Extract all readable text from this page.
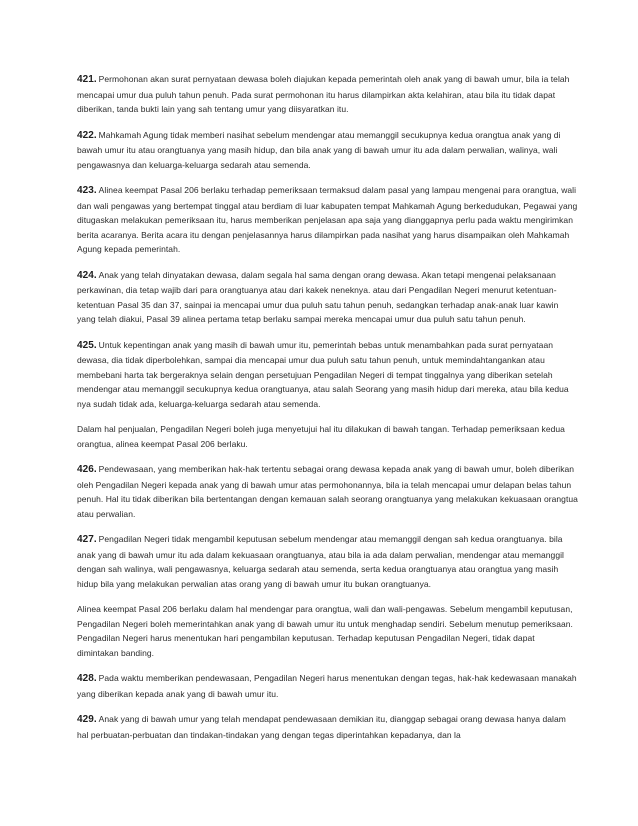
421. Permohonan akan surat pernyataan dewasa boleh diajukan kepada pemerintah oleh anak yang di bawah umur, bila ia telah mencapai umur dua puluh tahun penuh. Pada surat permohonan itu harus dilampirkan akta kelahiran, atau bila itu tidak dapat diberikan, tanda bukti lain yang sah tentang umur yang diisyaratkan itu.

422. Mahkamah Agung tidak memberi nasihat sebelum mendengar atau memanggil secukupnya kedua orangtua anak yang di bawah umur itu atau orangtuanya yang masih hidup, dan bila anak yang di bawah umur itu ada dalam perwalian, walinya, wali pengawasnya dan keluarga-keluarga sedarah atau semenda.

423. Alinea keempat Pasal 206 berlaku terhadap pemeriksaan termaksud dalam pasal yang lampau mengenai para orangtua, wali dan wali pengawas yang bertempat tinggal atau berdiam di luar kabupaten tempat Mahkamah Agung berkedudukan, Pegawai yang ditugaskan melakukan pemeriksaan itu, harus memberikan penjelasan apa saja yang dianggapnya perlu pada waktu mengirimkan berita acaranya. Berita acara itu dengan penjelasannya harus dilampirkan pada nasihat yang harus disampaikan oleh Mahkamah Agung kepada pemerintah.

424. Anak yang telah dinyatakan dewasa, dalam segala hal sama dengan orang dewasa. Akan tetapi mengenai pelaksanaan perkawinan, dia tetap wajib dari para orangtuanya atau dari kakek neneknya. atau dari Pengadilan Negeri menurut ketentuan-ketentuan Pasal 35 dan 37, sainpai ia mencapai umur dua puluh satu tahun penuh, sedangkan terhadap anak-anak luar kawin yang telah diakui, Pasal 39 alinea pertama tetap berlaku sampai mereka mencapai umur dua puluh satu tahun penuh.

425. Untuk kepentingan anak yang masih di bawah umur itu, pemerintah bebas untuk menambahkan pada surat pernyataan dewasa, dia tidak diperbolehkan, sampai dia mencapai umur dua puluh satu tahun penuh, untuk memindahtangankan atau membebani harta tak bergeraknya selain dengan persetujuan Pengadilan Negeri di tempat tinggalnya yang diberikan setelah mendengar atau memanggil secukupnya kedua orangtuanya, atau salah Seorang yang masih hidup dari mereka, atau bila kedua nya sudah tidak ada, keluarga-keluarga sedarah atau semenda.

Dalam hal penjualan, Pengadilan Negeri boleh juga menyetujui hal itu dilakukan di bawah tangan. Terhadap pemeriksaan kedua orangtua, alinea keempat Pasal 206 berlaku.

426. Pendewasaan, yang memberikan hak-hak tertentu sebagai orang dewasa kepada anak yang di bawah umur, boleh diberikan oleh Pengadilan Negeri kepada anak yang di bawah umur atas permohonannya, bila ia telah mencapai umur delapan belas tahun penuh. Hal itu tidak diberikan bila bertentangan dengan kemauan salah seorang orangtuanya yang melakukan kekuasaan orangtua atau perwalian.

427. Pengadilan Negeri tidak mengambil keputusan sebelum mendengar atau memanggil dengan sah kedua orangtuanya. bila anak yang di bawah umur itu ada dalam kekuasaan orangtuanya, atau bila ia ada dalam perwalian, mendengar atau memanggil dengan sah walinya, wali pengawasnya, keluarga sedarah atau semenda, serta kedua orangtuanya atau orangtua yang masih hidup bila yang melakukan perwalian atas orang yang di bawah umur itu bukan orangtuanya.

Alinea keempat Pasal 206 berlaku dalam hal mendengar para orangtua, wali dan wali-pengawas. Sebelum mengambil keputusan, Pengadilan Negeri boleh memerintahkan anak yang di bawah umur itu untuk menghadap sendiri. Sebelum menutup pemeriksaan. Pengadilan Negeri harus menentukan hari pengambilan keputusan. Terhadap keputusan Pengadilan Negeri, tidak dapat dimintakan banding.

428. Pada waktu memberikan pendewasaan, Pengadilan Negeri harus menentukan dengan tegas, hak-hak kedewasaan manakah yang diberikan kepada anak yang di bawah umur itu.

429. Anak yang di bawah umur yang telah mendapat pendewasaan demikian itu, dianggap sebagai orang dewasa hanya dalam hal perbuatan-perbuatan dan tindakan-tindakan yang dengan tegas diperintahkan kepadanya, dan la
